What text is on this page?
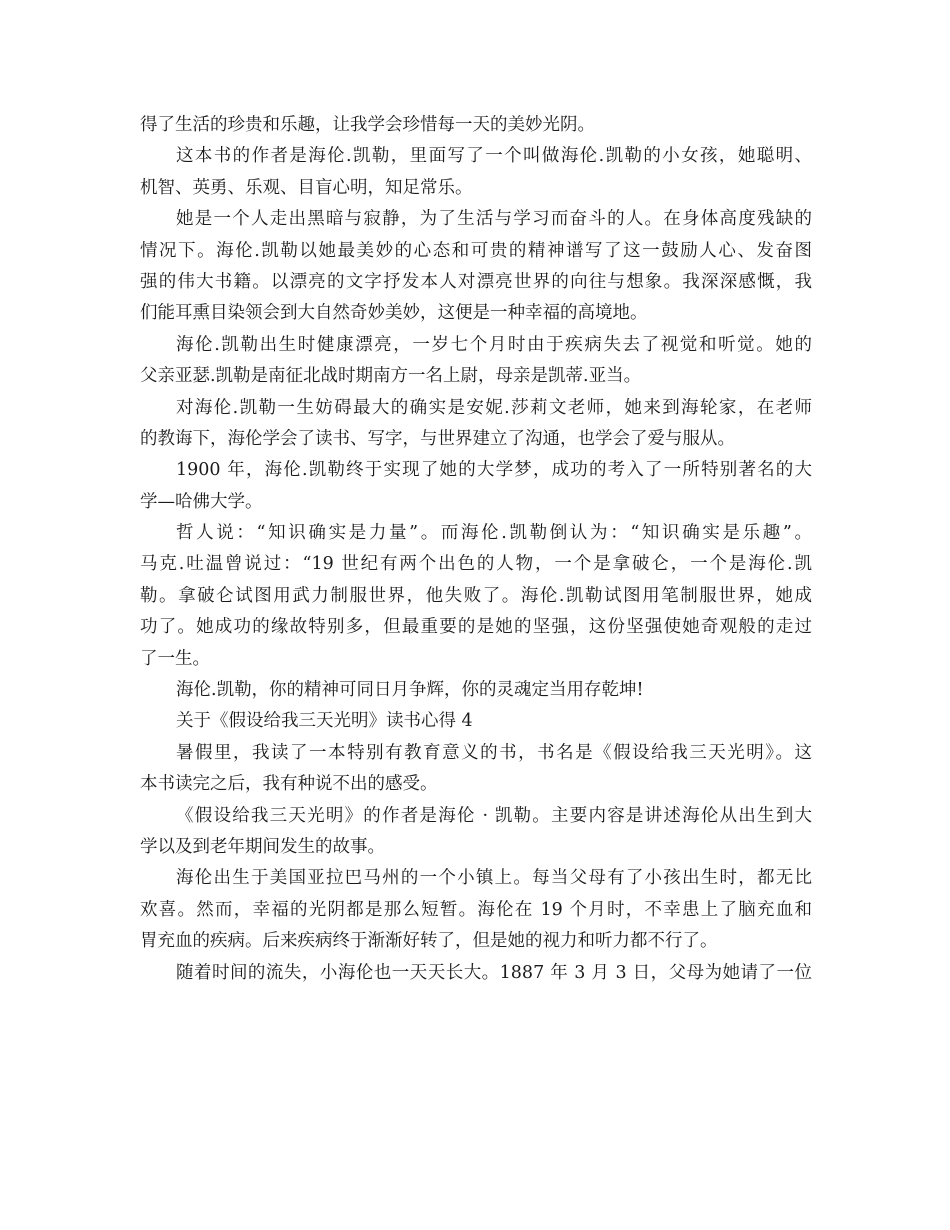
得了生活的珍贵和乐趣，让我学会珍惜每一天的美妙光阴。
这本书的作者是海伦.凯勒，里面写了一个叫做海伦.凯勒的小女孩，她聪明、
机智、英勇、乐观、目盲心明，知足常乐。
她是一个人走出黑暗与寂静，为了生活与学习而奋斗的人。在身体高度残缺的
情况下。海伦.凯勒以她最美妙的心态和可贵的精神谱写了这一鼓励人心、发奋图
强的伟大书籍。以漂亮的文字抒发本人对漂亮世界的向往与想象。我深深感慨，我
们能耳熏目染领会到大自然奇妙美妙，这便是一种幸福的高境地。
海伦.凯勒出生时健康漂亮，一岁七个月时由于疾病失去了视觉和听觉。她的
父亲亚瑟.凯勒是南征北战时期南方一名上尉，母亲是凯蒂.亚当。
对海伦.凯勒一生妨碍最大的确实是安妮.莎莉文老师，她来到海轮家，在老师
的教诲下，海伦学会了读书、写字，与世界建立了沟通，也学会了爱与服从。
1900 年，海伦.凯勒终于实现了她的大学梦，成功的考入了一所特别著名的大
学—哈佛大学。
哲人说：“知识确实是力量”。而海伦.凯勒倒认为：“知识确实是乐趣”。
马克.吐温曾说过：“19 世纪有两个出色的人物，一个是拿破仑，一个是海伦.凯
勒。拿破仑试图用武力制服世界，他失败了。海伦.凯勒试图用笔制服世界，她成
功了。她成功的缘故特别多，但最重要的是她的坚强，这份坚强使她奇观般的走过
了一生。
海伦.凯勒，你的精神可同日月争辉，你的灵魂定当用存乾坤!
关于《假设给我三天光明》读书心得 4
暑假里，我读了一本特别有教育意义的书，书名是《假设给我三天光明》。这
本书读完之后，我有种说不出的感受。
《假设给我三天光明》的作者是海伦 · 凯勒。主要内容是讲述海伦从出生到大
学以及到老年期间发生的故事。
海伦出生于美国亚拉巴马州的一个小镇上。每当父母有了小孩出生时，都无比
欢喜。然而，幸福的光阴都是那么短暂。海伦在 19 个月时，不幸患上了脑充血和
胃充血的疾病。后来疾病终于渐渐好转了，但是她的视力和听力都不行了。
随着时间的流失，小海伦也一天天长大。1887 年 3 月 3 日，父母为她请了一位
